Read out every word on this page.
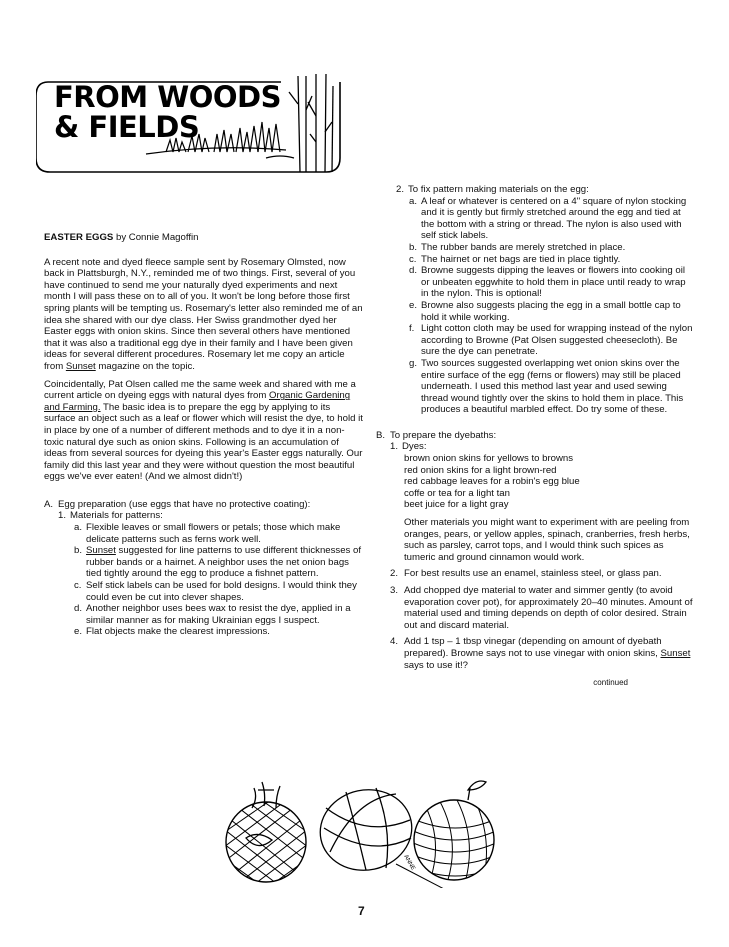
FROM WOODS
& FIELDS

EASTER EGGS by Connie Magoffin

A recent note and dyed fleece sample sent by Rosemary Olmsted, now back in Plattsburgh, N.Y., reminded me of two things. First, several of you have continued to send me your naturally dyed experiments and next month I will pass these on to all of you. It won't be long before those first spring plants will be tempting us. Rosemary's letter also reminded me of an idea she shared with our dye class. Her Swiss grandmother dyed her Easter eggs with onion skins. Since then several others have mentioned that it was also a traditional egg dye in their family and I have been given ideas for several different procedures. Rosemary let me copy an article from Sunset magazine on the topic.

Coincidentally, Pat Olsen called me the same week and shared with me a current article on dyeing eggs with natural dyes from Organic Gardening and Farming. The basic idea is to prepare the egg by applying to its surface an object such as a leaf or flower which will resist the dye, to hold it in place by one of a number of different methods and to dye it in a non-toxic natural dye such as onion skins. Following is an accumulation of ideas from several sources for dyeing this year's Easter eggs naturally. Our family did this last year and they were without question the most beautiful eggs we've ever eaten! (And we almost didn't!)

A. Egg preparation (use eggs that have no protective coating):
1. Materials for patterns:
a. Flexible leaves or small flowers or petals; those which make delicate patterns such as ferns work well.
b. Sunset suggested for line patterns to use different thicknesses of rubber bands or a hairnet. A neighbor uses the net onion bags tied tightly around the egg to produce a fishnet pattern.
c. Self stick labels can be used for bold designs. I would think they could even be cut into clever shapes.
d. Another neighbor uses bees wax to resist the dye, applied in a similar manner as for making Ukrainian eggs I suspect.
e. Flat objects make the clearest impressions.
2. To fix pattern making materials on the egg:
a. A leaf or whatever is centered on a 4" square of nylon stocking and it is gently but firmly stretched around the egg and tied at the bottom with a string or thread. The nylon is also used with self stick labels.
b. The rubber bands are merely stretched in place.
c. The hairnet or net bags are tied in place tightly.
d. Browne suggests dipping the leaves or flowers into cooking oil or unbeaten eggwhite to hold them in place until ready to wrap in the nylon. This is optional!
e. Browne also suggests placing the egg in a small bottle cap to hold it while working.
f. Light cotton cloth may be used for wrapping instead of the nylon according to Browne (Pat Olsen suggested cheesecloth). Be sure the dye can penetrate.
g. Two sources suggested overlapping wet onion skins over the entire surface of the egg (ferns or flowers) may still be placed underneath. I used this method last year and used sewing thread wound tightly over the skins to hold them in place. This produces a beautiful marbled effect. Do try some of these.
B. To prepare the dyebaths:
1. Dyes:
brown onion skins for yellows to browns
red onion skins for a light brown-red
red cabbage leaves for a robin's egg blue
coffe or tea for a light tan
beet juice for a light gray

Other materials you might want to experiment with are peeling from oranges, pears, or yellow apples, spinach, cranberries, fresh herbs, such as parsley, carrot tops, and I would think such spices as tumeric and ground cinnamon would work.

2. For best results use an enamel, stainless steel, or glass pan.
3. Add chopped dye material to water and simmer gently (to avoid evaporation cover pot), for approximately 20–40 minutes. Amount of material used and timing depends on depth of color desired. Strain out and discard material.
4. Add 1 tsp – 1 tbsp vinegar (depending on amount of dyebath prepared). Browne says not to use vinegar with onion skins, Sunset says to use it!?
continued
ANNE
7
